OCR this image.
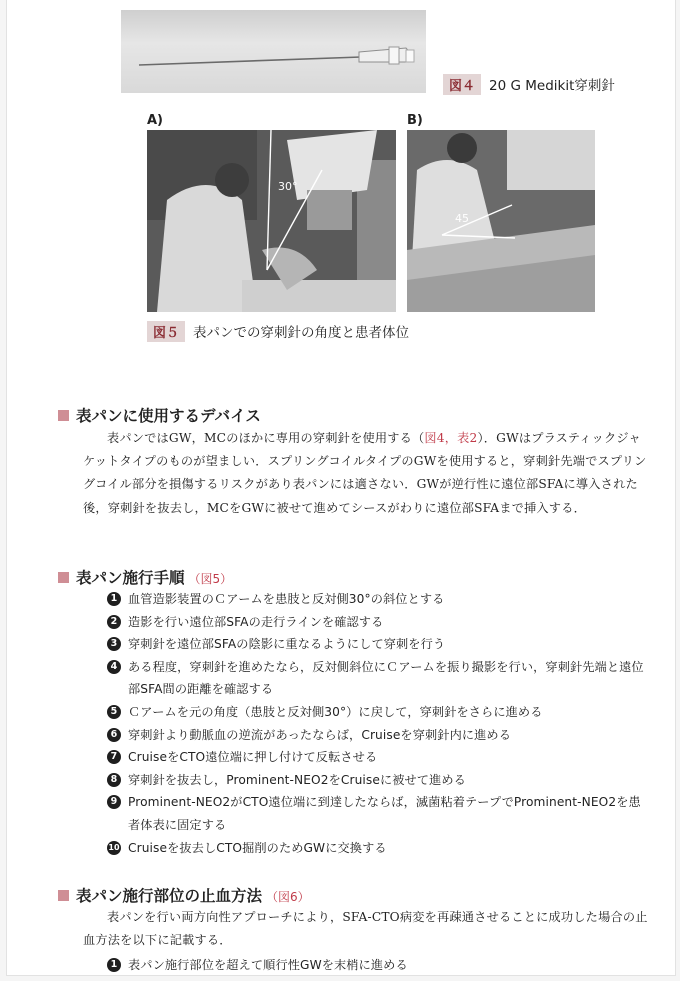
図４ 20 G Medikit穿刺針
A)	B)
30°
45
図５ 表パンでの穿刺針の角度と患者体位
表パンに使用するデバイス
表パンではGW，MCのほかに専用の穿刺針を使用する（図4，表2）．GWはプラスティックジャケットタイプのものが望ましい．スプリングコイルタイプのGWを使用すると，穿刺針先端でスプリングコイル部分を損傷するリスクがあり表パンには適さない．GWが逆行性に遠位部SFAに導入された後，穿刺針を抜去し，MCをGWに被せて進めてシースがわりに遠位部SFAまで挿入する．
表パン施行手順 （図5）
1 血管造影装置のＣアームを患肢と反対側30°の斜位とする
2 造影を行い遠位部SFAの走行ラインを確認する
3 穿刺針を遠位部SFAの陰影に重なるようにして穿刺を行う
4 ある程度，穿刺針を進めたなら，反対側斜位にＣアームを振り撮影を行い，穿刺針先端と遠位部SFA間の距離を確認する
5 Ｃアームを元の角度（患肢と反対側30°）に戻して，穿刺針をさらに進める
6 穿刺針より動脈血の逆流があったならば，Cruiseを穿刺針内に進める
7 CruiseをCTO遠位端に押し付けて反転させる
8 穿刺針を抜去し，Prominent-NEO2をCruiseに被せて進める
9 Prominent-NEO2がCTO遠位端に到達したならば，滅菌粘着テープでProminent-NEO2を患者体表に固定する
10 Cruiseを抜去しCTO掘削のためGWに交換する
表パン施行部位の止血方法 （図6）
表パンを行い両方向性アプローチにより，SFA-CTO病変を再疎通させることに成功した場合の止血方法を以下に記載する．
1 表パン施行部位を超えて順行性GWを末梢に進める
